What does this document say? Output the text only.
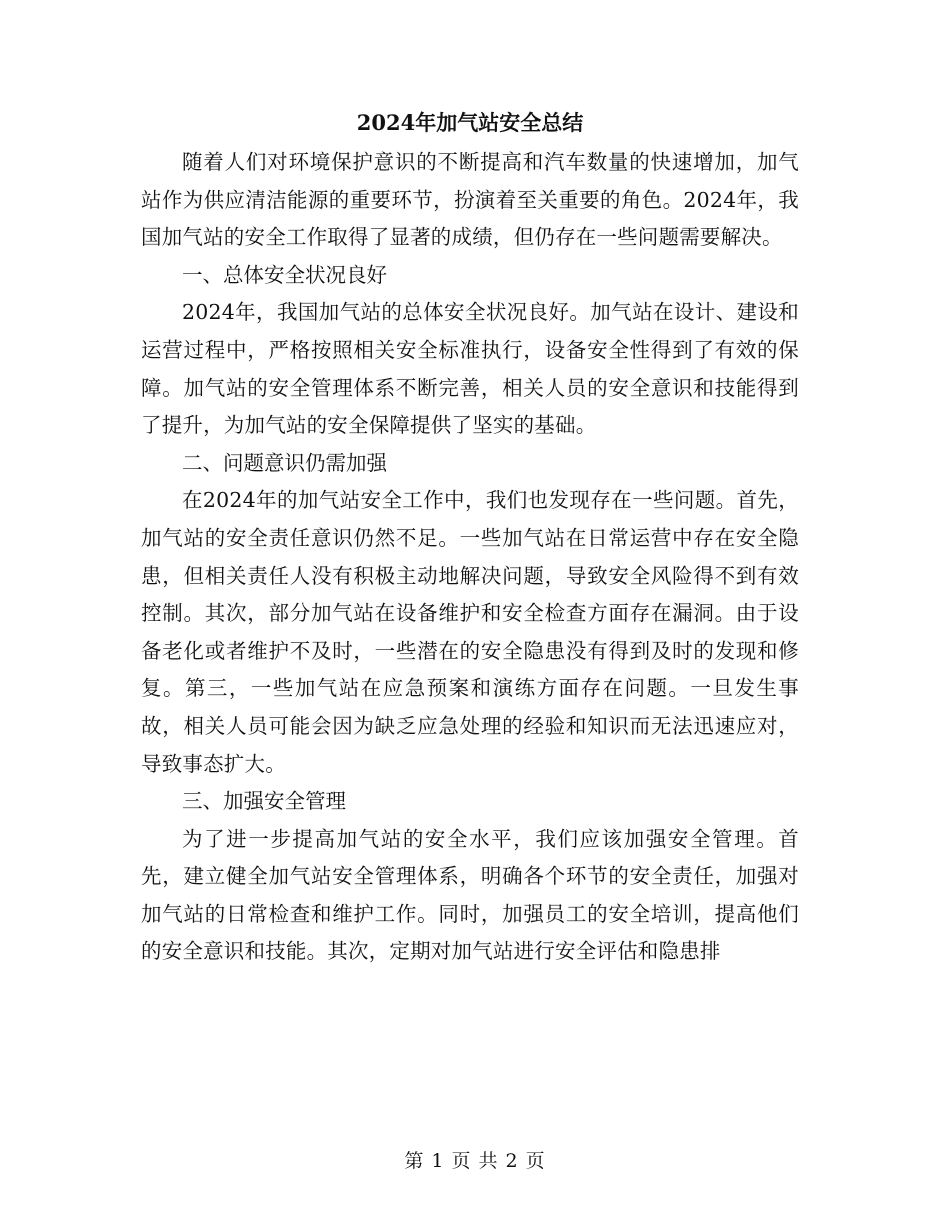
2024年加气站安全总结

随着人们对环境保护意识的不断提高和汽车数量的快速增加，加气站作为供应清洁能源的重要环节，扮演着至关重要的角色。2024年，我国加气站的安全工作取得了显著的成绩，但仍存在一些问题需要解决。

一、总体安全状况良好

2024年，我国加气站的总体安全状况良好。加气站在设计、建设和运营过程中，严格按照相关安全标准执行，设备安全性得到了有效的保障。加气站的安全管理体系不断完善，相关人员的安全意识和技能得到了提升，为加气站的安全保障提供了坚实的基础。

二、问题意识仍需加强

在2024年的加气站安全工作中，我们也发现存在一些问题。首先，加气站的安全责任意识仍然不足。一些加气站在日常运营中存在安全隐患，但相关责任人没有积极主动地解决问题，导致安全风险得不到有效控制。其次，部分加气站在设备维护和安全检查方面存在漏洞。由于设备老化或者维护不及时，一些潜在的安全隐患没有得到及时的发现和修复。第三，一些加气站在应急预案和演练方面存在问题。一旦发生事故，相关人员可能会因为缺乏应急处理的经验和知识而无法迅速应对，导致事态扩大。

三、加强安全管理

为了进一步提高加气站的安全水平，我们应该加强安全管理。首先，建立健全加气站安全管理体系，明确各个环节的安全责任，加强对加气站的日常检查和维护工作。同时，加强员工的安全培训，提高他们的安全意识和技能。其次，定期对加气站进行安全评估和隐患排

第 1 页 共 2 页
